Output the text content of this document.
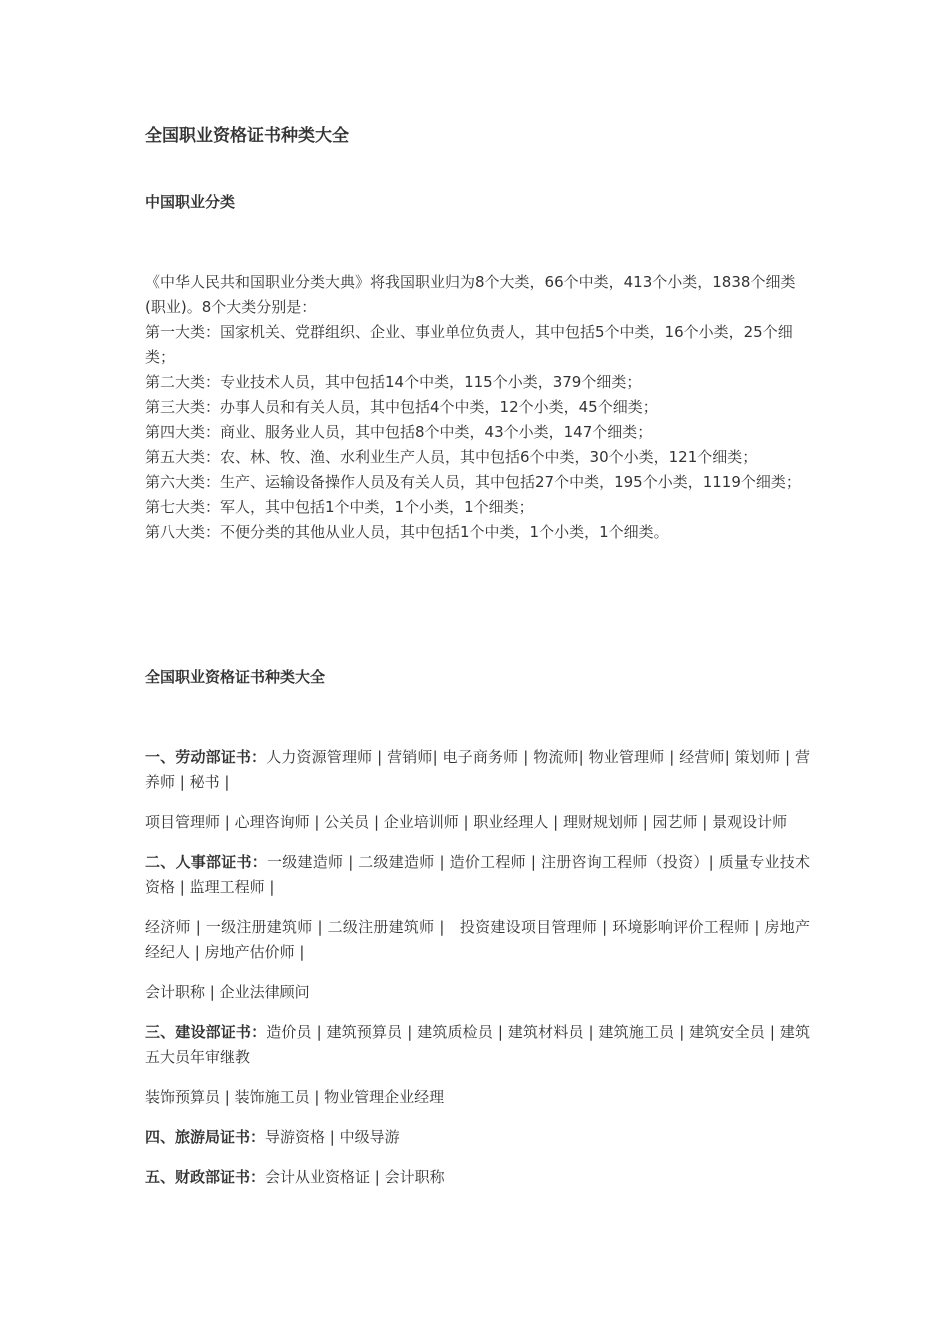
全国职业资格证书种类大全
中国职业分类

《中华人民共和国职业分类大典》将我国职业归为8个大类，66个中类，413个小类，1838个细类(职业)。8个大类分别是：

第一大类：国家机关、党群组织、企业、事业单位负责人，其中包括5个中类，16个小类，25个细类；

第二大类：专业技术人员，其中包括14个中类，115个小类，379个细类；

第三大类：办事人员和有关人员，其中包括4个中类，12个小类，45个细类；

第四大类：商业、服务业人员，其中包括8个中类，43个小类，147个细类；

第五大类：农、林、牧、渔、水利业生产人员，其中包括6个中类，30个小类，121个细类；

第六大类：生产、运输设备操作人员及有关人员，其中包括27个中类，195个小类，1119个细类；

第七大类：军人，其中包括1个中类，1个小类，1个细类；

第八大类：不便分类的其他从业人员，其中包括1个中类，1个小类，1个细类。

全国职业资格证书种类大全

一、劳动部证书：人力资源管理师 | 营销师| 电子商务师 | 物流师| 物业管理师 | 经营师| 策划师 | 营养师 | 秘书 |

项目管理师 | 心理咨询师 | 公关员 | 企业培训师 | 职业经理人 | 理财规划师 | 园艺师 | 景观设计师

二、人事部证书：一级建造师 | 二级建造师 | 造价工程师 | 注册咨询工程师（投资）| 质量专业技术资格 | 监理工程师 |

经济师 | 一级注册建筑师 | 二级注册建筑师 |　投资建设项目管理师 | 环境影响评价工程师 | 房地产经纪人 | 房地产估价师 |

会计职称 | 企业法律顾问

三、建设部证书：造价员 | 建筑预算员 | 建筑质检员 | 建筑材料员 | 建筑施工员 | 建筑安全员 | 建筑五大员年审继教

装饰预算员 | 装饰施工员 | 物业管理企业经理

四、旅游局证书：导游资格 | 中级导游

五、财政部证书：会计从业资格证 | 会计职称
